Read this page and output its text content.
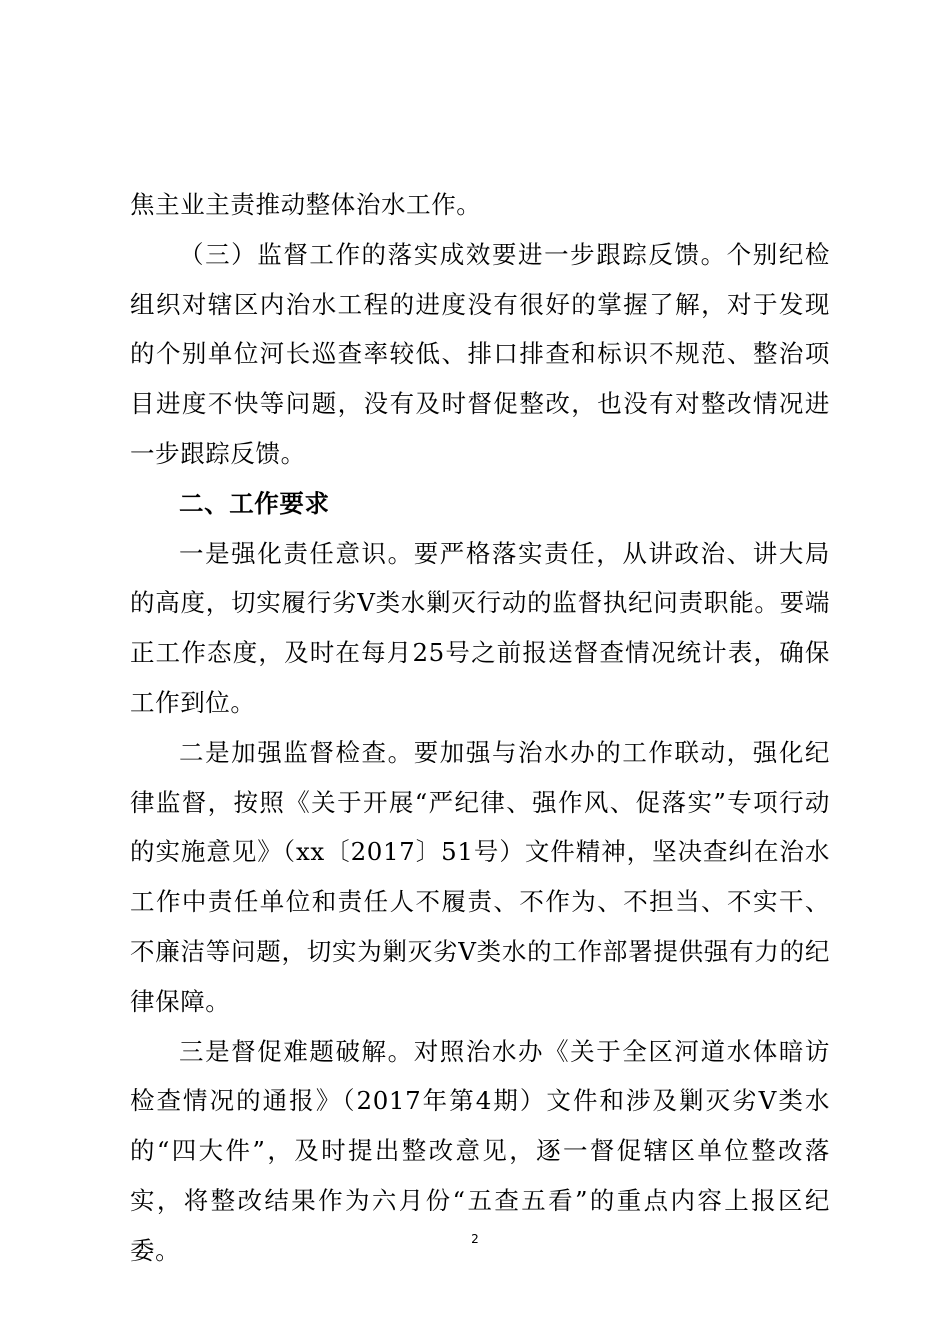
焦主业主责推动整体治水工作。

（三）监督工作的落实成效要进一步跟踪反馈。个别纪检组织对辖区内治水工程的进度没有很好的掌握了解，对于发现的个别单位河长巡查率较低、排口排查和标识不规范、整治项目进度不快等问题，没有及时督促整改，也没有对整改情况进一步跟踪反馈。

二、工作要求

一是强化责任意识。要严格落实责任，从讲政治、讲大局的高度，切实履行劣Ⅴ类水剿灭行动的监督执纪问责职能。要端正工作态度，及时在每月25号之前报送督查情况统计表，确保工作到位。

二是加强监督检查。要加强与治水办的工作联动，强化纪律监督，按照《关于开展“严纪律、强作风、促落实”专项行动的实施意见》（xx〔2017〕51号）文件精神，坚决查纠在治水工作中责任单位和责任人不履责、不作为、不担当、不实干、不廉洁等问题，切实为剿灭劣Ⅴ类水的工作部署提供强有力的纪律保障。

三是督促难题破解。对照治水办《关于全区河道水体暗访检查情况的通报》（2017年第4期）文件和涉及剿灭劣Ⅴ类水的“四大件”，及时提出整改意见，逐一督促辖区单位整改落实，将整改结果作为六月份“五查五看”的重点内容上报区纪委。	2
